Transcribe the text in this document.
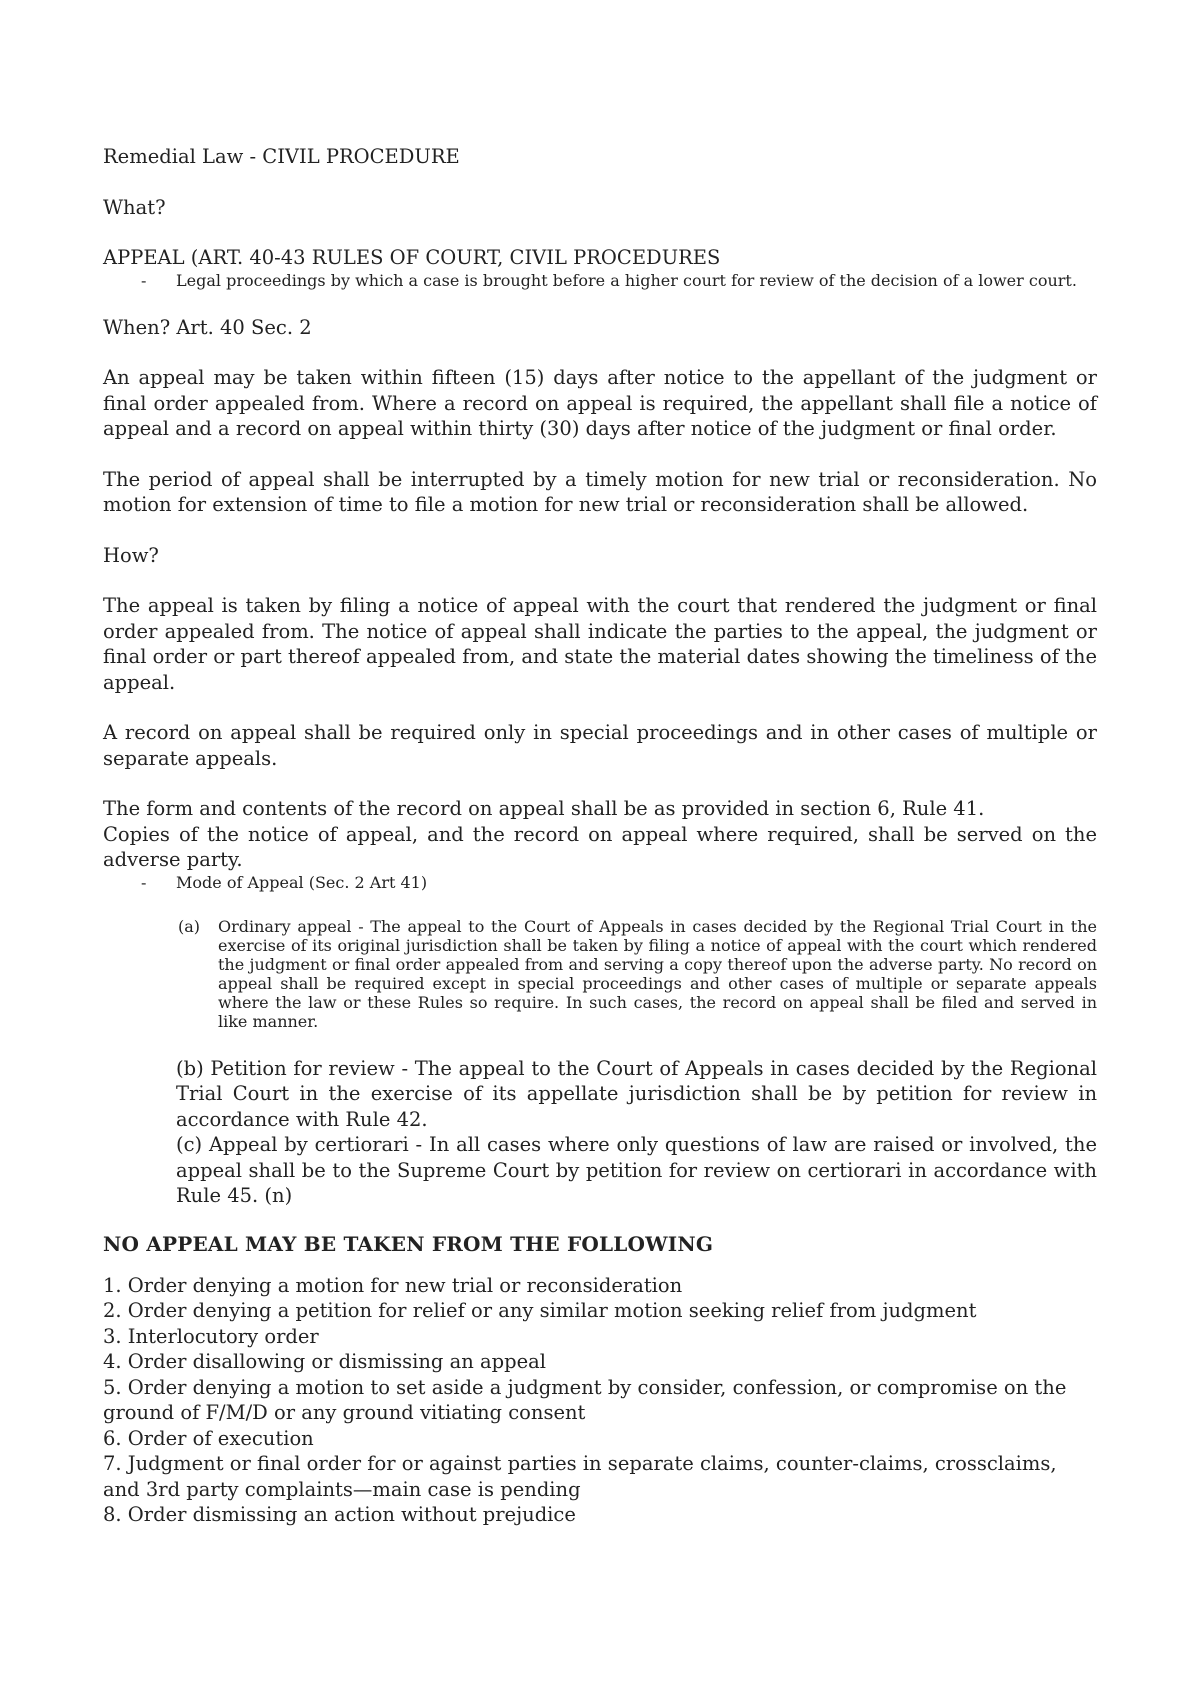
Remedial Law - CIVIL PROCEDURE

What?

APPEAL (ART. 40-43 RULES OF COURT, CIVIL PROCEDURES

- Legal proceedings by which a case is brought before a higher court for review of the decision of a lower court.

When? Art. 40 Sec. 2

An appeal may be taken within fifteen (15) days after notice to the appellant of the judgment or final order appealed from. Where a record on appeal is required, the appellant shall file a notice of appeal and a record on appeal within thirty (30) days after notice of the judgment or final order.

The period of appeal shall be interrupted by a timely motion for new trial or reconsideration. No motion for extension of time to file a motion for new trial or reconsideration shall be allowed.

How?

The appeal is taken by filing a notice of appeal with the court that rendered the judgment or final order appealed from. The notice of appeal shall indicate the parties to the appeal, the judgment or final order or part thereof appealed from, and state the material dates showing the timeliness of the appeal.

A record on appeal shall be required only in special proceedings and in other cases of multiple or separate appeals.

The form and contents of the record on appeal shall be as provided in section 6, Rule 41.

Copies of the notice of appeal, and the record on appeal where required, shall be served on the adverse party.

- Mode of Appeal (Sec. 2 Art 41)
(a) Ordinary appeal - The appeal to the Court of Appeals in cases decided by the Regional Trial Court in the exercise of its original jurisdiction shall be taken by filing a notice of appeal with the court which rendered the judgment or final order appealed from and serving a copy thereof upon the adverse party. No record on appeal shall be required except in special proceedings and other cases of multiple or separate appeals where the law or these Rules so require. In such cases, the record on appeal shall be filed and served in like manner.

(b) Petition for review - The appeal to the Court of Appeals in cases decided by the Regional Trial Court in the exercise of its appellate jurisdiction shall be by petition for review in accordance with Rule 42.

(c) Appeal by certiorari - In all cases where only questions of law are raised or involved, the appeal shall be to the Supreme Court by petition for review on certiorari in accordance with Rule 45. (n)

NO APPEAL MAY BE TAKEN FROM THE FOLLOWING
1. Order denying a motion for new trial or reconsideration
2. Order denying a petition for relief or any similar motion seeking relief from judgment
3. Interlocutory order
4. Order disallowing or dismissing an appeal
5. Order denying a motion to set aside a judgment by consider, confession, or compromise on the ground of F/M/D or any ground vitiating consent
6. Order of execution
7. Judgment or final order for or against parties in separate claims, counter-claims, crossclaims, and 3rd party complaints—main case is pending
8. Order dismissing an action without prejudice
